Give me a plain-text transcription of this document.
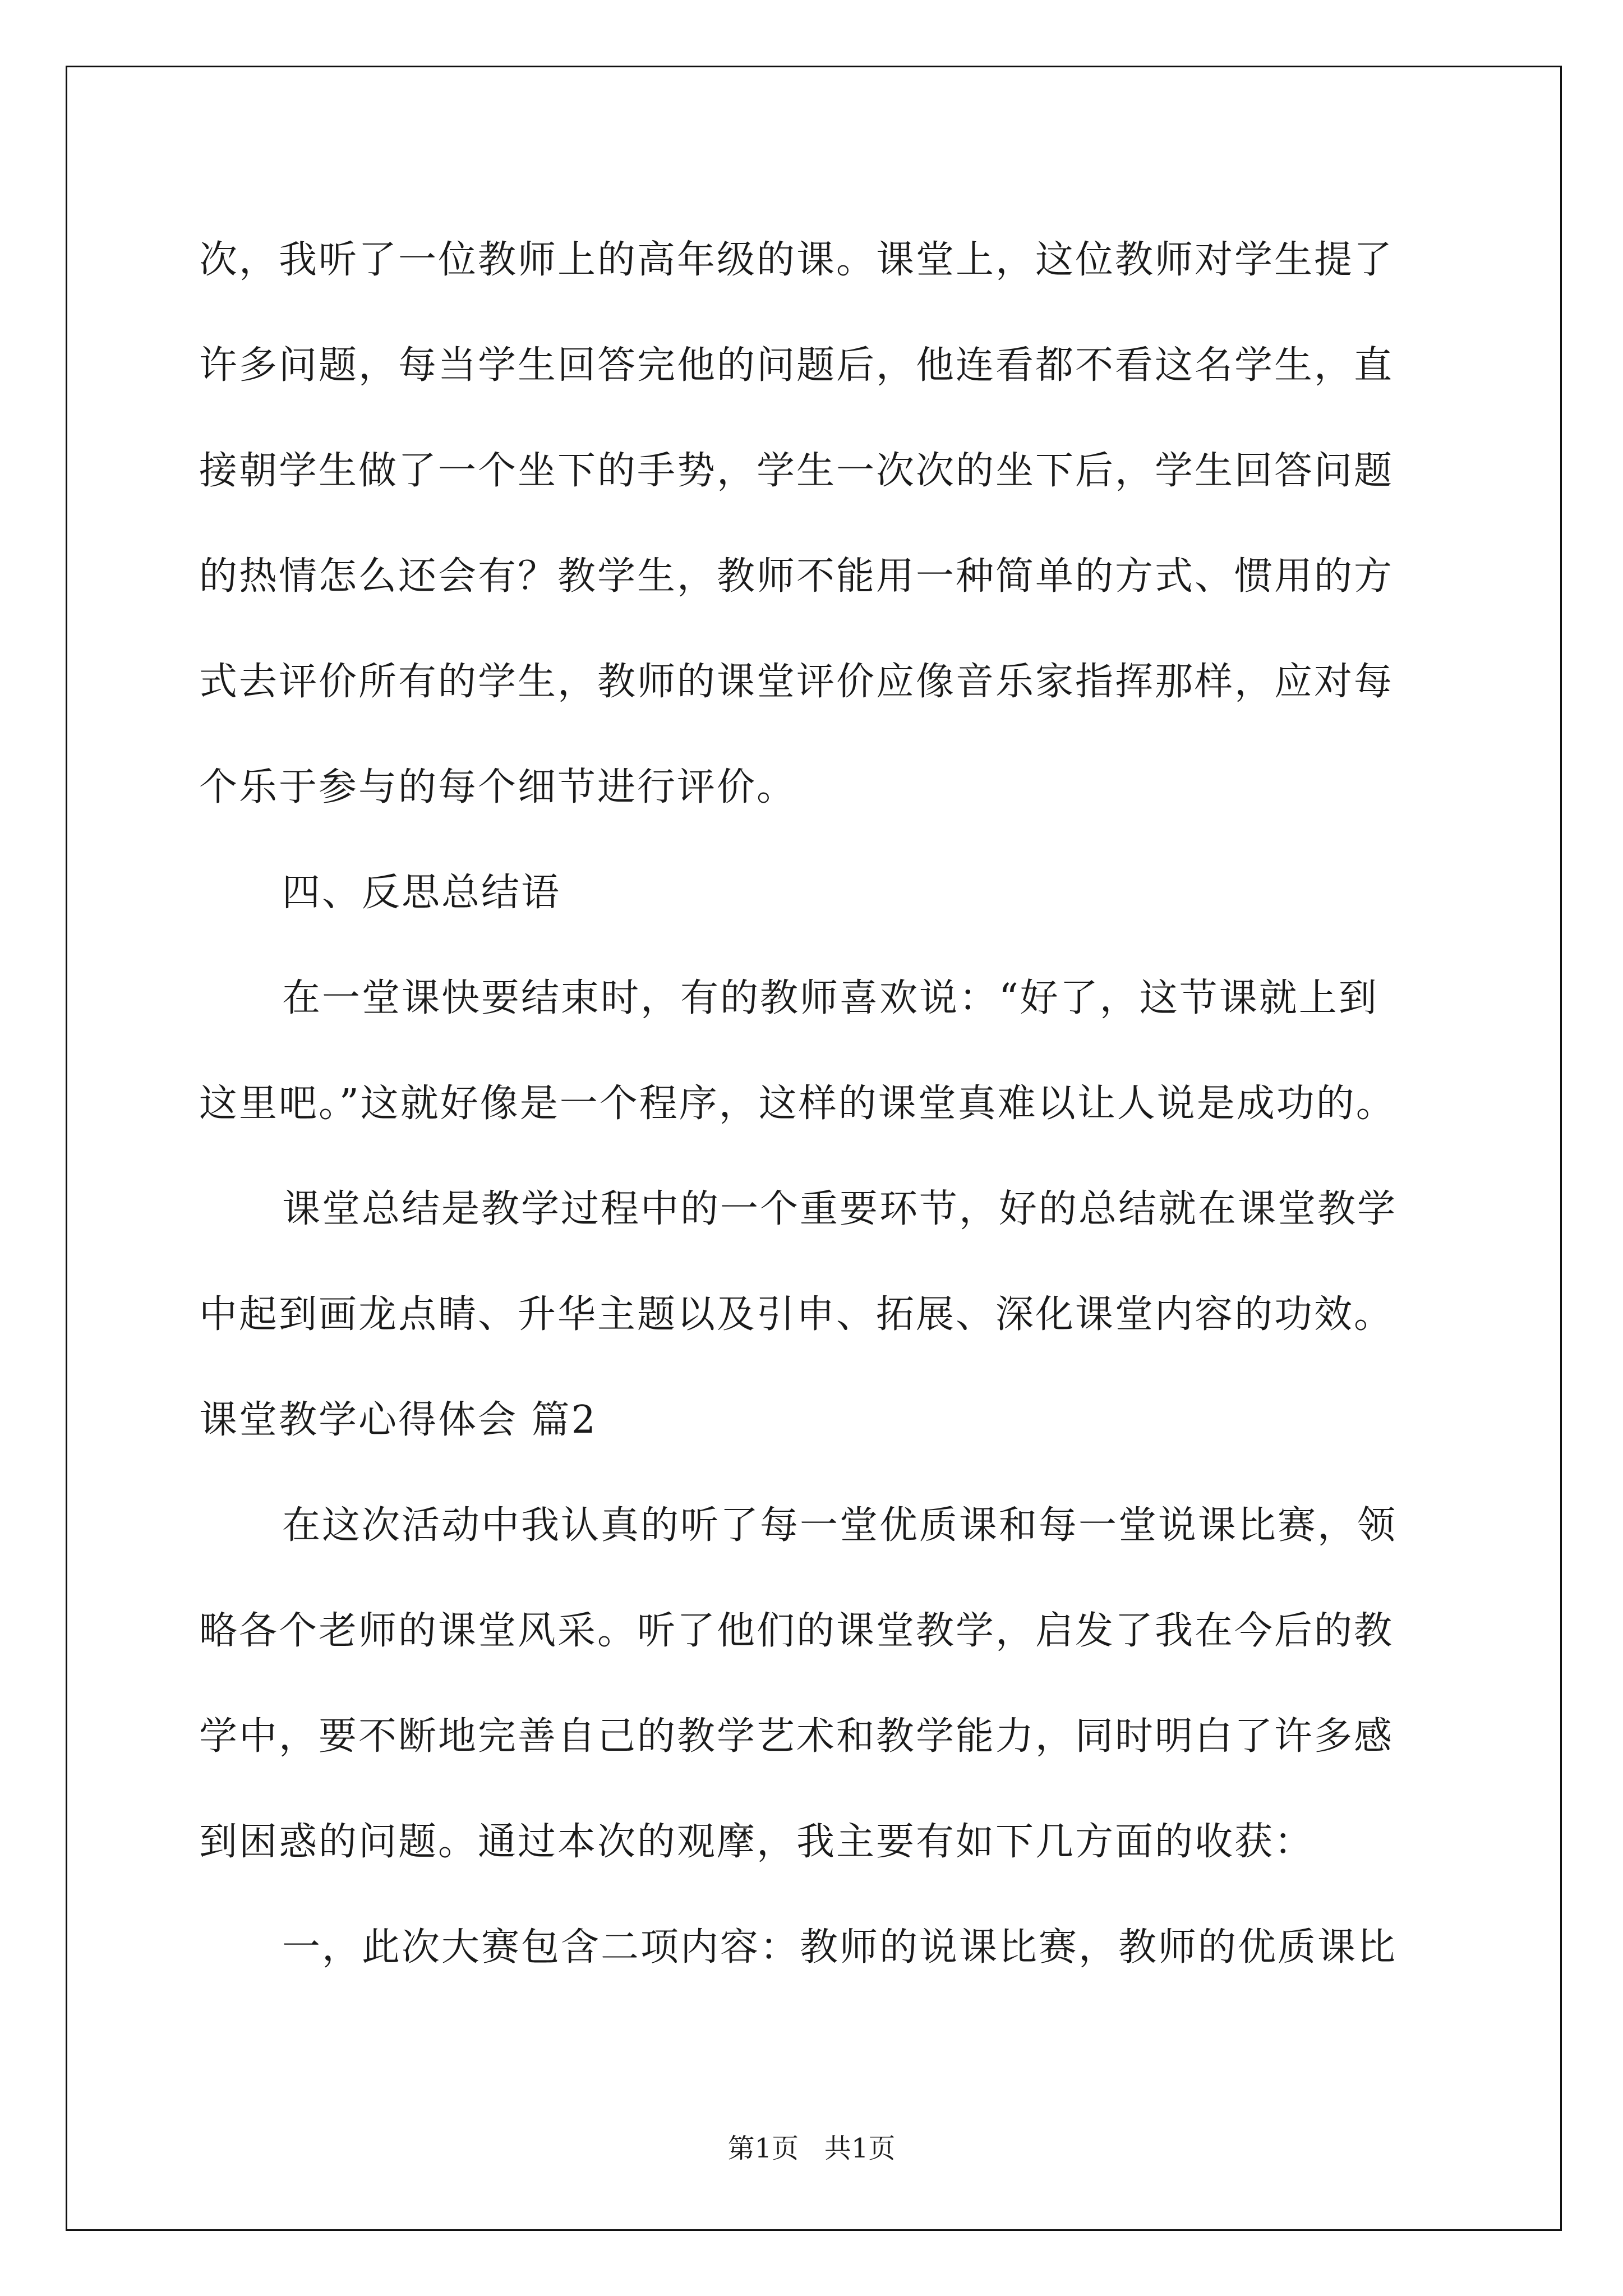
次，我听了一位教师上的高年级的课。课堂上，这位教师对学生提了
许多问题，每当学生回答完他的问题后，他连看都不看这名学生，直
接朝学生做了一个坐下的手势，学生一次次的坐下后，学生回答问题
的热情怎么还会有？教学生，教师不能用一种简单的方式、惯用的方
式去评价所有的学生，教师的课堂评价应像音乐家指挥那样，应对每
个乐于参与的每个细节进行评价。
四、反思总结语
在一堂课快要结束时，有的教师喜欢说：“好了，这节课就上到
这里吧。”这就好像是一个程序，这样的课堂真难以让人说是成功的。
课堂总结是教学过程中的一个重要环节，好的总结就在课堂教学
中起到画龙点睛、升华主题以及引申、拓展、深化课堂内容的功效。
课堂教学心得体会 篇2
在这次活动中我认真的听了每一堂优质课和每一堂说课比赛，领
略各个老师的课堂风采。听了他们的课堂教学，启发了我在今后的教
学中，要不断地完善自己的教学艺术和教学能力，同时明白了许多感
到困惑的问题。通过本次的观摩，我主要有如下几方面的收获：
一，此次大赛包含二项内容：教师的说课比赛，教师的优质课比
第1页   共1页
